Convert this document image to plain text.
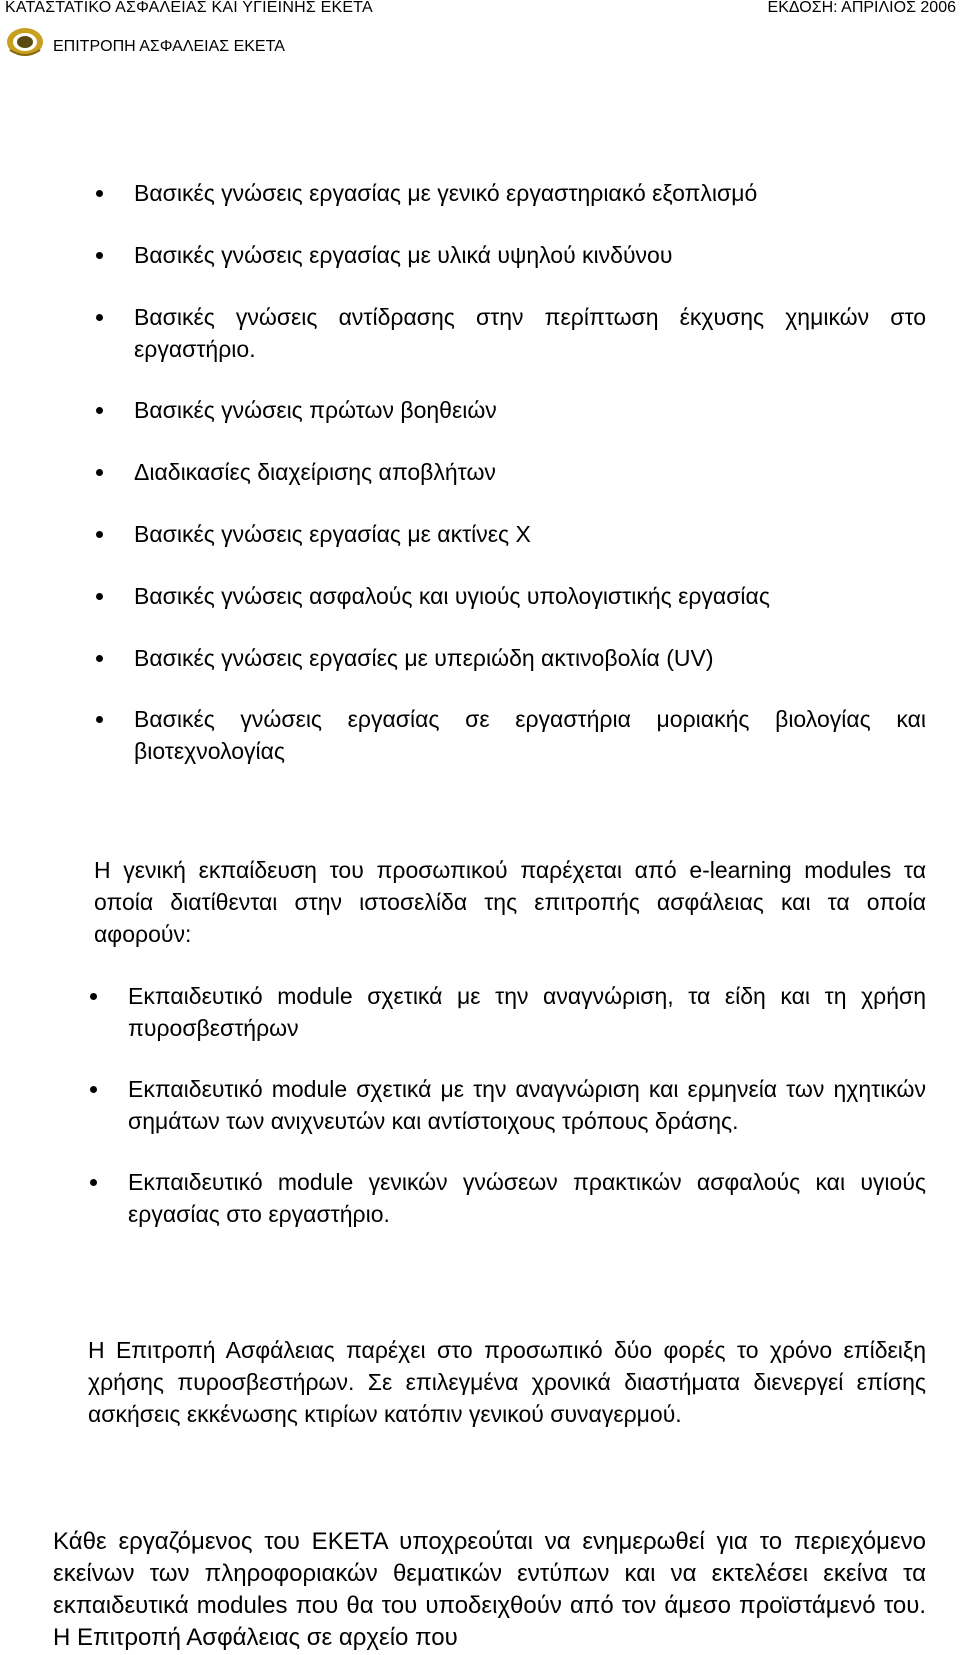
ΚΑΤΑΣΤΑΤΙΚΟ ΑΣΦΑΛΕΙΑΣ ΚΑΙ ΥΓΙΕΙΝΗΣ ΕΚΕΤΑ	ΕΚΔΟΣΗ: ΑΠΡΙΛΙΟΣ 2006
ΕΠΙΤΡΟΠΗ ΑΣΦΑΛΕΙΑΣ ΕΚΕΤΑ
Βασικές γνώσεις εργασίας με γενικό εργαστηριακό εξοπλισμό
Βασικές γνώσεις εργασίας με υλικά υψηλού κινδύνου
Βασικές γνώσεις αντίδρασης στην περίπτωση έκχυσης χημικών στο εργαστήριο.
Βασικές γνώσεις πρώτων βοηθειών
Διαδικασίες διαχείρισης αποβλήτων
Βασικές γνώσεις εργασίας με ακτίνες Χ
Βασικές γνώσεις ασφαλούς και υγιούς υπολογιστικής εργασίας
Βασικές γνώσεις εργασίες με υπεριώδη ακτινοβολία (UV)
Βασικές γνώσεις εργασίας σε εργαστήρια μοριακής βιολογίας και βιοτεχνολογίας

Η γενική εκπαίδευση του προσωπικού παρέχεται από e-learning modules τα οποία διατίθενται στην ιστοσελίδα της επιτροπής ασφάλειας και τα οποία αφορούν:

Εκπαιδευτικό module σχετικά με την αναγνώριση, τα είδη και τη χρήση πυροσβεστήρων
Εκπαιδευτικό module σχετικά με την αναγνώριση και ερμηνεία των ηχητικών σημάτων των ανιχνευτών και αντίστοιχους τρόπους δράσης.
Εκπαιδευτικό module γενικών γνώσεων πρακτικών ασφαλούς και υγιούς εργασίας στο εργαστήριο.

Η Επιτροπή Ασφάλειας παρέχει στο προσωπικό δύο φορές το χρόνο επίδειξη χρήσης πυροσβεστήρων. Σε επιλεγμένα χρονικά διαστήματα διενεργεί επίσης ασκήσεις εκκένωσης κτιρίων κατόπιν γενικού συναγερμού.

Κάθε εργαζόμενος του ΕΚΕΤΑ υποχρεούται να ενημερωθεί για το περιεχόμενο εκείνων των πληροφοριακών θεματικών εντύπων και να εκτελέσει εκείνα τα εκπαιδευτικά modules που θα του υποδειχθούν από τον άμεσο προϊστάμενό του. Η Επιτροπή Ασφάλειας σε αρχείο που
